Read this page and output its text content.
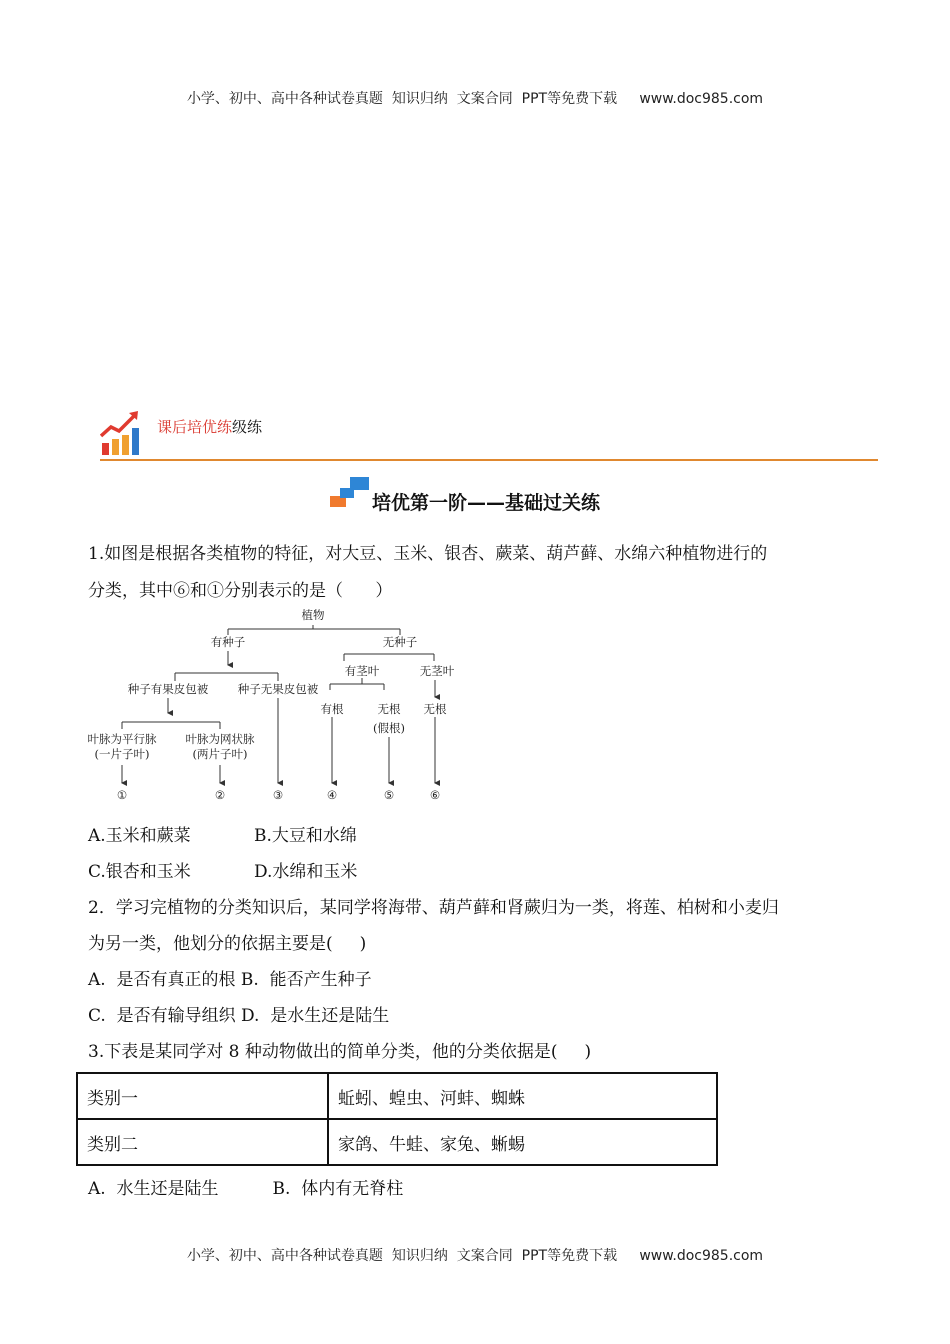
小学、初中、高中各种试卷真题  知识归纳  文案合同  PPT等免费下载     www.doc985.com
课后培优练级练
培优第一阶——基础过关练
1.如图是根据各类植物的特征，对大豆、玉米、银杏、蕨菜、葫芦藓、水绵六种植物进行的
分类，其中⑥和①分别表示的是（      ）
植物
有种子	无种子
种子有果皮包被	种子无果皮包被
有茎叶	无茎叶
叶脉为平行脉
(一片子叶)
叶脉为网状脉
(两片子叶)
有根	无根
(假根)
无根
①	②	③	④	⑤	⑥
A.玉米和蕨菜	B.大豆和水绵
C.银杏和玉米	D.水绵和玉米
2．学习完植物的分类知识后，某同学将海带、葫芦藓和肾蕨归为一类，将莲、柏树和小麦归
为另一类，他划分的依据主要是(     )
A.  是否有真正的根 B.  能否产生种子
C.  是否有输导组织 D.  是水生还是陆生
3.下表是某同学对 8 种动物做出的简单分类，他的分类依据是(     )
类别一	蚯蚓、蝗虫、河蚌、蜘蛛
类别二	家鸽、牛蛙、家兔、蜥蜴
A.  水生还是陆生          B.  体内有无脊柱
小学、初中、高中各种试卷真题  知识归纳  文案合同  PPT等免费下载     www.doc985.com
